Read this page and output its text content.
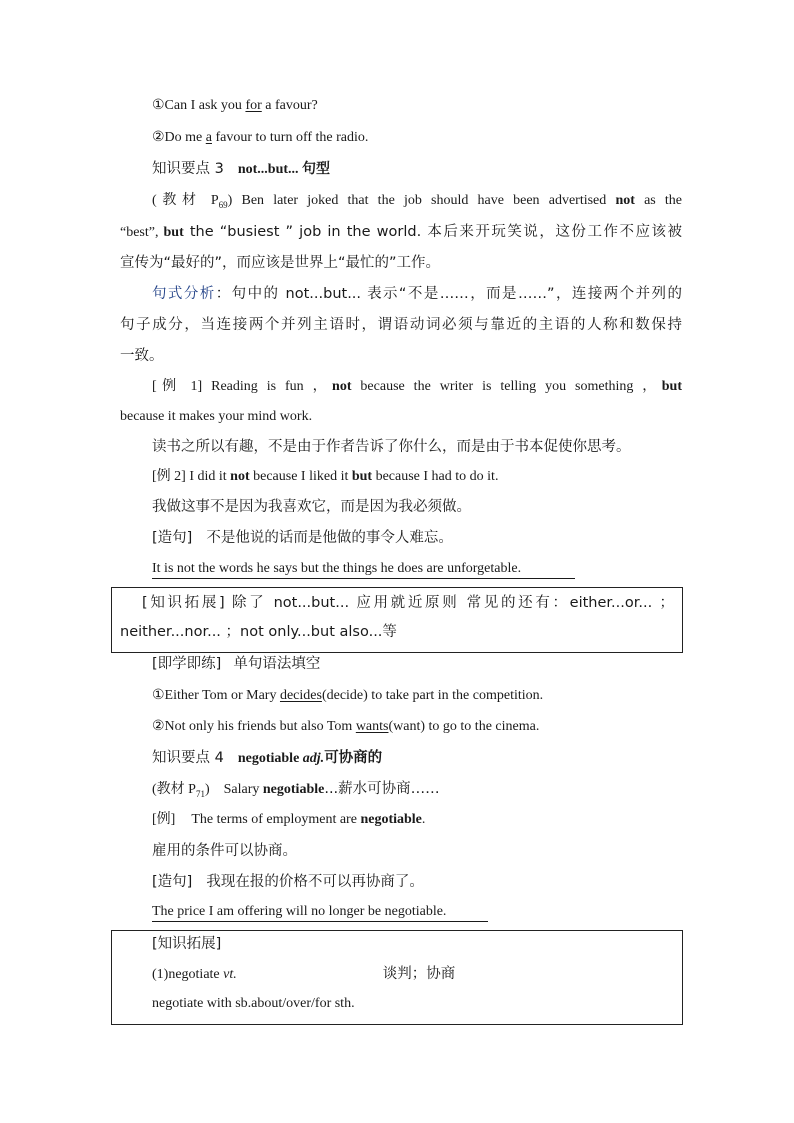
①Can I ask you for a favour?
②Do me a favour to turn off the radio.
知识要点 3 not...but... 句型
(教材 $P_{69}$) Ben later joked that the job should have been advertised not as the
“best”, but the “busiest ” job in the world. 本后来开玩笑说，这份工作不应该被
宣传为“最好的”，而应该是世界上“最忙的”工作。
句式分析：句中的 not...but... 表示“不是……，而是……”，连接两个并列的
句子成分，当连接两个并列主语时，谓语动词必须与靠近的主语的人称和数保持
一致。
[例 1] Reading is fun ，not because the writer is telling you something ，but
because it makes your mind work.
读书之所以有趣，不是由于作者告诉了你什么，而是由于书本促使你思考。
[例 2] I did it not because I liked it but because I had to do it.
我做这事不是因为我喜欢它，而是因为我必须做。
[造句] 不是他说的话而是他做的事令人难忘。
It is not the words he says but the things he does are unforgetable.
[知识拓展] 除了 not...but... 应用就近原则 常见的还有：either...or... ；
neither...nor... ；not only...but also...等
[即学即练] 单句语法填空
①Either Tom or Mary decides(decide) to take part in the competition.
②Not only his friends but also Tom wants(want) to go to the cinema.
知识要点 4 negotiable adj.可协商的
(教材 $P_{71}$) Salary negotiable...薪水可协商……
[例] The terms of employment are negotiable.
雇用的条件可以协商。
[造句] 我现在报的价格不可以再协商了。
The price I am offering will no longer be negotiable.
[知识拓展]
(1)negotiate vt.	谈判；协商
negotiate with sb.about/over/for sth.
